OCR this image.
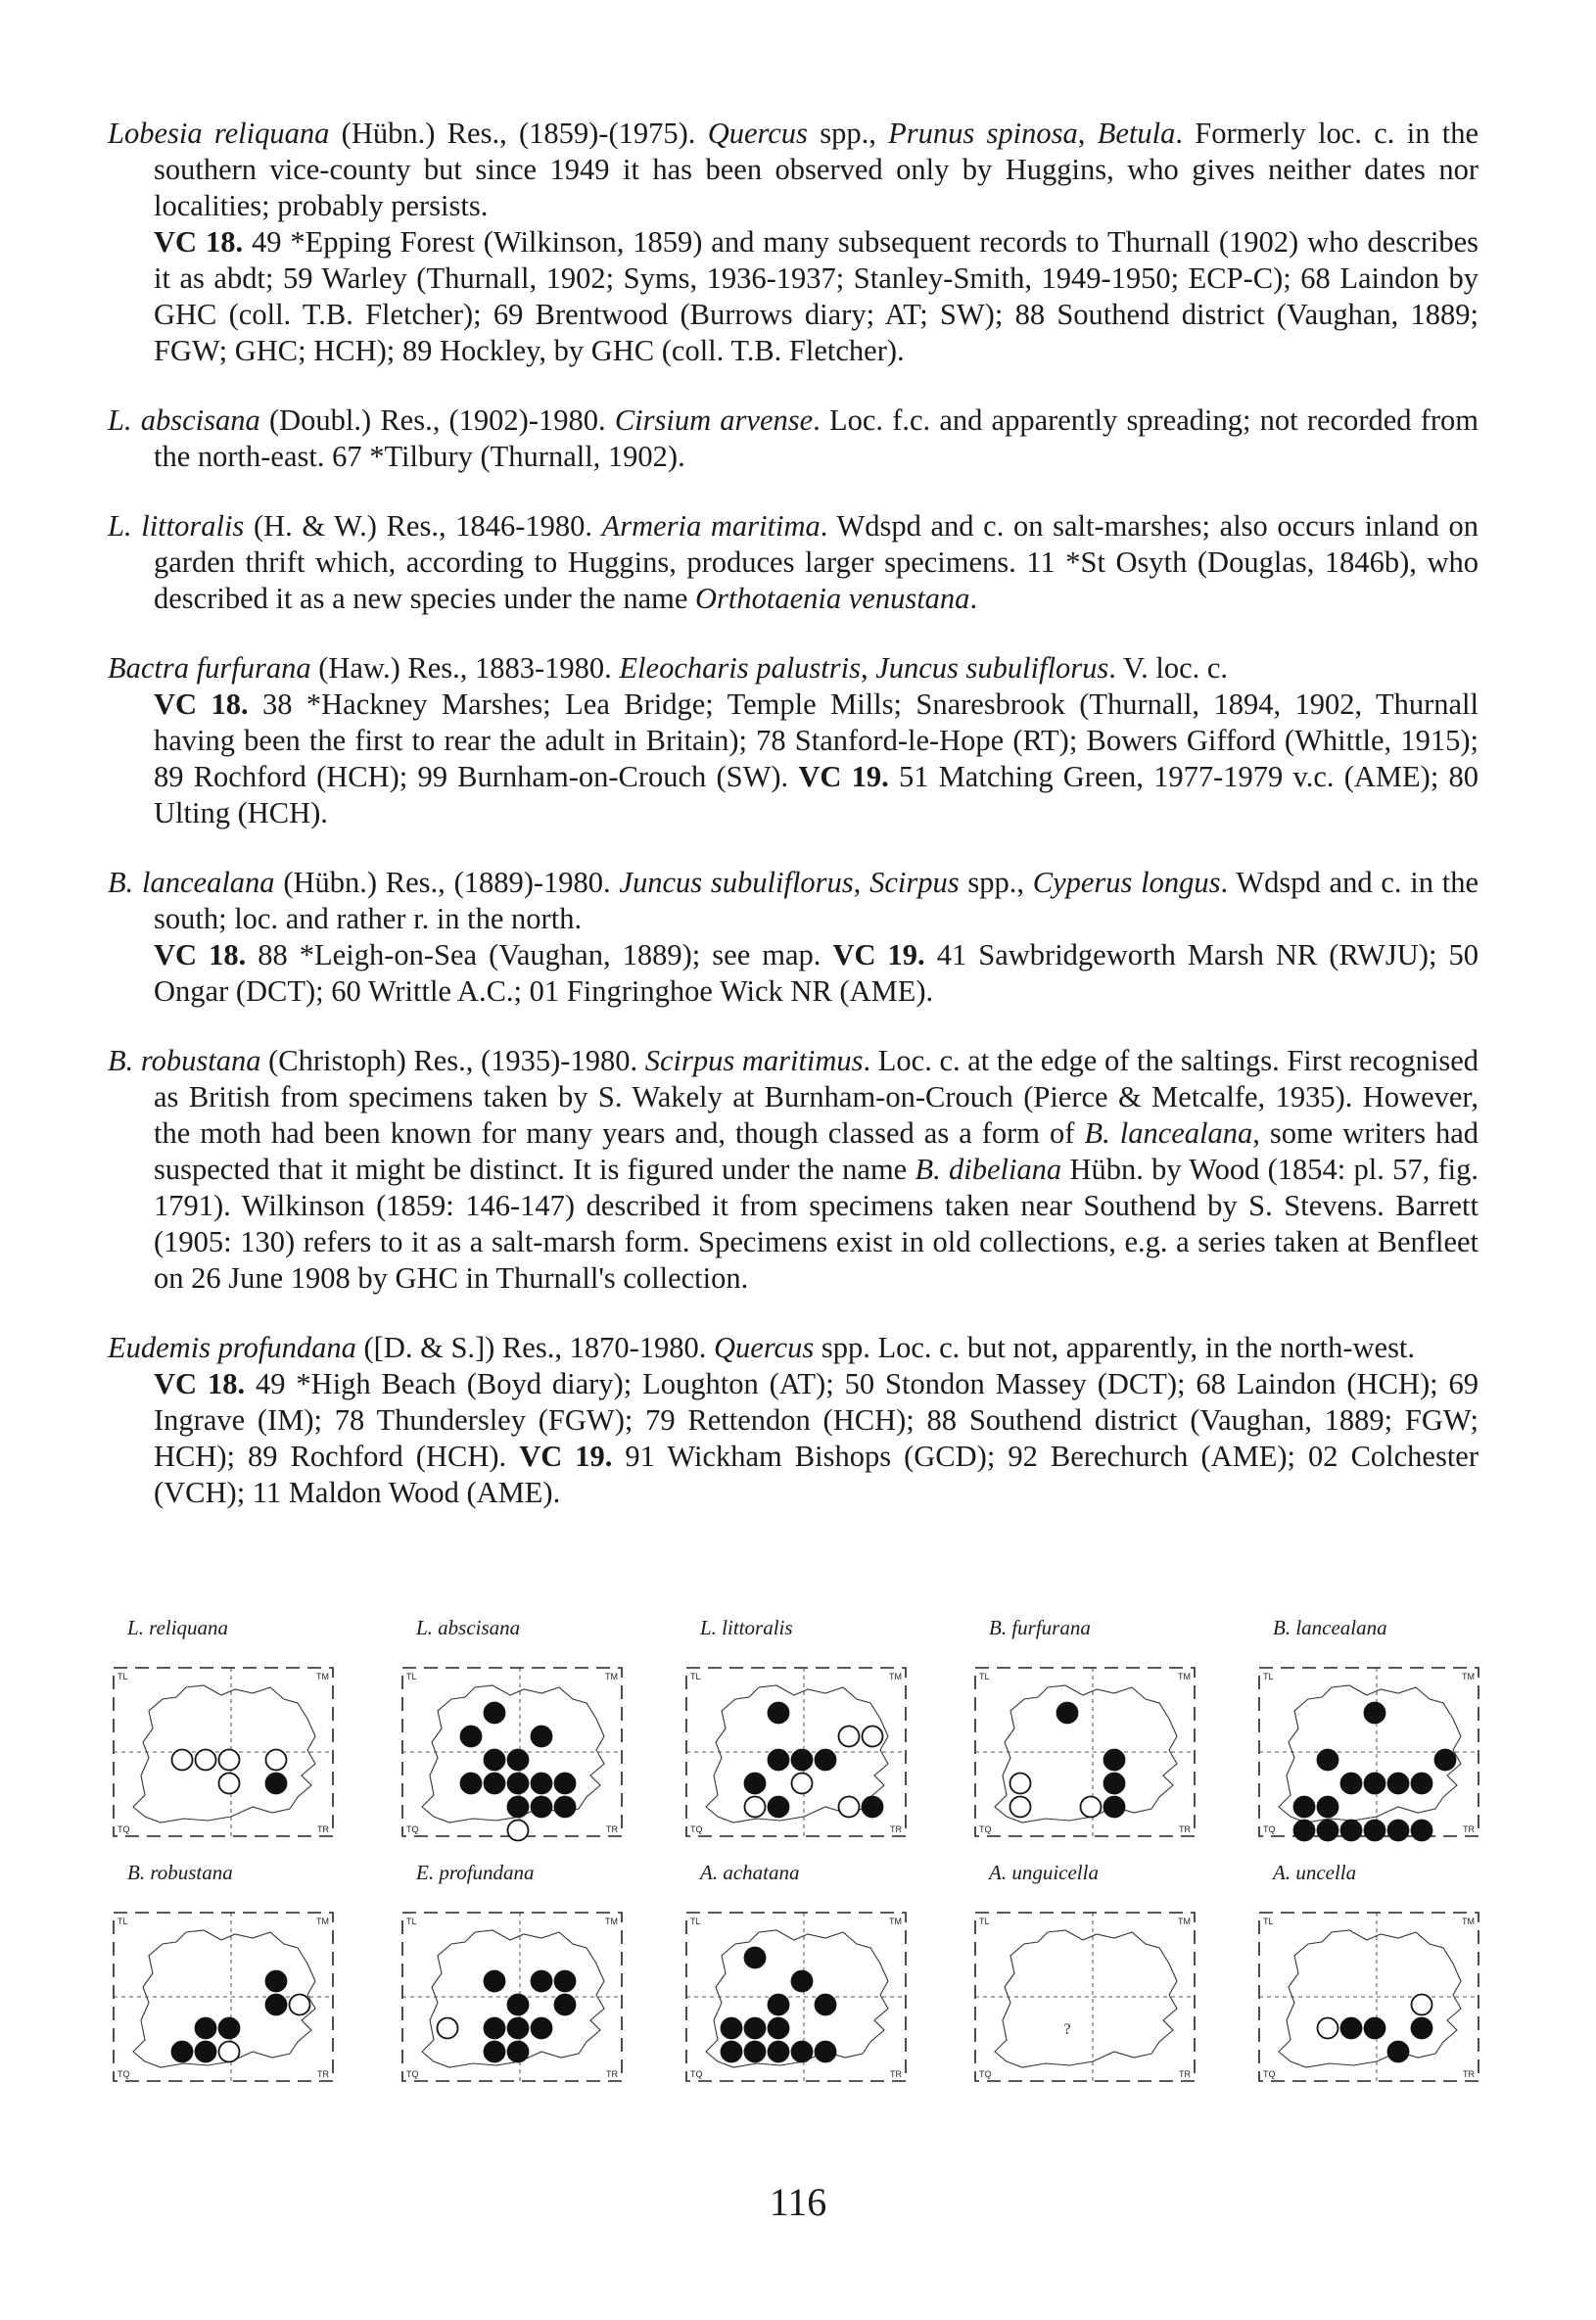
Lobesia reliquana (Hübn.) Res., (1859)-(1975). Quercus spp., Prunus spinosa, Betula. Formerly loc. c. in the southern vice-county but since 1949 it has been observed only by Huggins, who gives neither dates nor localities; probably persists.

VC 18. 49 *Epping Forest (Wilkinson, 1859) and many subsequent records to Thurnall (1902) who describes it as abdt; 59 Warley (Thurnall, 1902; Syms, 1936-1937; Stanley-Smith, 1949-1950; ECP-C); 68 Laindon by GHC (coll. T.B. Fletcher); 69 Brentwood (Burrows diary; AT; SW); 88 Southend district (Vaughan, 1889; FGW; GHC; HCH); 89 Hockley, by GHC (coll. T.B. Fletcher).

L. abscisana (Doubl.) Res., (1902)-1980. Cirsium arvense. Loc. f.c. and apparently spreading; not recorded from the north-east. 67 *Tilbury (Thurnall, 1902).

L. littoralis (H. & W.) Res., 1846-1980. Armeria maritima. Wdspd and c. on salt-marshes; also occurs inland on garden thrift which, according to Huggins, produces larger specimens. 11 *St Osyth (Douglas, 1846b), who described it as a new species under the name Orthotaenia venustana.

Bactra furfurana (Haw.) Res., 1883-1980. Eleocharis palustris, Juncus subuliflorus. V. loc. c.

VC 18. 38 *Hackney Marshes; Lea Bridge; Temple Mills; Snaresbrook (Thurnall, 1894, 1902, Thurnall having been the first to rear the adult in Britain); 78 Stanford-le-Hope (RT); Bowers Gifford (Whittle, 1915); 89 Rochford (HCH); 99 Burnham-on-Crouch (SW). VC 19. 51 Matching Green, 1977-1979 v.c. (AME); 80 Ulting (HCH).

B. lancealana (Hübn.) Res., (1889)-1980. Juncus subuliflorus, Scirpus spp., Cyperus longus. Wdspd and c. in the south; loc. and rather r. in the north.

VC 18. 88 *Leigh-on-Sea (Vaughan, 1889); see map. VC 19. 41 Sawbridgeworth Marsh NR (RWJU); 50 Ongar (DCT); 60 Writtle A.C.; 01 Fingringhoe Wick NR (AME).

B. robustana (Christoph) Res., (1935)-1980. Scirpus maritimus. Loc. c. at the edge of the saltings. First recognised as British from specimens taken by S. Wakely at Burnham-on-Crouch (Pierce & Metcalfe, 1935). However, the moth had been known for many years and, though classed as a form of B. lancealana, some writers had suspected that it might be distinct. It is figured under the name B. dibeliana Hübn. by Wood (1854: pl. 57, fig. 1791). Wilkinson (1859: 146-147) described it from specimens taken near Southend by S. Stevens. Barrett (1905: 130) refers to it as a salt-marsh form. Specimens exist in old collections, e.g. a series taken at Benfleet on 26 June 1908 by GHC in Thurnall's collection.

Eudemis profundana ([D. & S.]) Res., 1870-1980. Quercus spp. Loc. c. but not, apparently, in the north-west.

VC 18. 49 *High Beach (Boyd diary); Loughton (AT); 50 Stondon Massey (DCT); 68 Laindon (HCH); 69 Ingrave (IM); 78 Thundersley (FGW); 79 Rettendon (HCH); 88 Southend district (Vaughan, 1889; FGW; HCH); 89 Rochford (HCH). VC 19. 91 Wickham Bishops (GCD); 92 Berechurch (AME); 02 Colchester (VCH); 11 Maldon Wood (AME).

L. reliquana
TL	TM
TQ	TR
L. abscisana
TL	TM
TQ	TR
L. littoralis
TL	TM
TQ	TR
B. furfurana
TL	TM
TQ	TR
B. lancealana
TL	TM
TQ	TR
B. robustana
TL	TM
TQ	TR
E. profundana
TL	TM
TQ	TR
A. achatana
TL	TM
TQ	TR
A. unguicella
TL	TM
TQ	TR
?
A. uncella
TL	TM
TQ	TR
116
